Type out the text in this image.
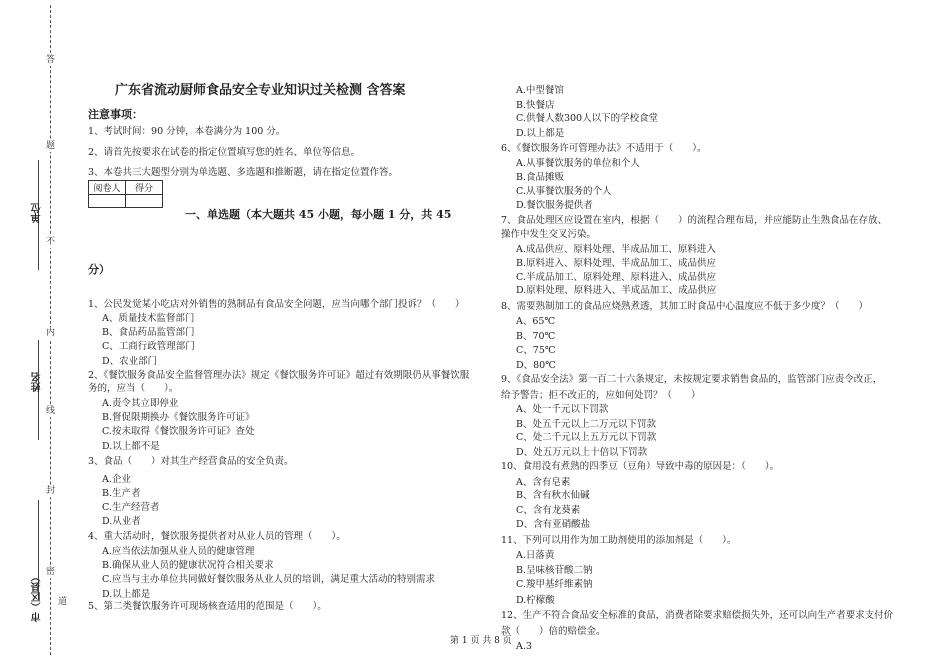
答
题
不
内
线
封
密
单位
姓名
市（区县） 道
广东省流动厨师食品安全专业知识过关检测 含答案
注意事项：
1、考试时间：90 分钟，本卷满分为 100 分。
2、请首先按要求在试卷的指定位置填写您的姓名、单位等信息。
3、本卷共三大题型分别为单选题、多选题和推断题，请在指定位置作答。
阅卷人	得分

一、单选题（本大题共 45 小题，每小题 1 分，共 45
分）
1、公民发觉某小吃店对外销售的熟制品有食品安全问题，应当向哪个部门投诉？（　　）
A、质量技术监督部门
B、食品药品监管部门
C、工商行政管理部门
D、农业部门
2、《餐饮服务食品安全监督管理办法》规定《餐饮服务许可证》超过有效期限仍从事餐饮服务的，应当（　　）。
A.责令其立即停业
B.督促限期换办《餐饮服务许可证》
C.按未取得《餐饮服务许可证》查处
D.以上都不是
3、食品（　　）对其生产经营食品的安全负责。
A.企业
B.生产者
C.生产经营者
D.从业者
4、重大活动时，餐饮服务提供者对从业人员的管理（　　）。
A.应当依法加强从业人员的健康管理
B.确保从业人员的健康状况符合相关要求
C.应当与主办单位共同做好餐饮服务从业人员的培训，满足重大活动的特别需求
D.以上都是
5、第二类餐饮服务许可现场核查适用的范围是（　　）。
A.中型餐馆
B.快餐店
C.供餐人数300人以下的学校食堂
D.以上都是
6、《餐饮服务许可管理办法》不适用于（　　）。
A.从事餐饮服务的单位和个人
B.食品摊贩
C.从事餐饮服务的个人
D.餐饮服务提供者
7、食品处理区应设置在室内，根据（　　）的流程合理布局，并应能防止生熟食品在存放、
操作中发生交叉污染。
A.成品供应、原料处理、半成品加工、原料进入
B.原料进入、原料处理、半成品加工、成品供应
C.半成品加工、原料处理、原料进入、成品供应
D.原料处理、原料进入、半成品加工、成品供应
8、需要熟制加工的食品应烧熟煮透，其加工时食品中心温度应不低于多少度？（　　）
A、65℃
B、70℃
C、75℃
D、80℃
9、《食品安全法》第一百二十六条规定，未按规定要求销售食品的，监管部门应责令改正，
给予警告；拒不改正的，应如何处罚？（　　）
A、处一千元以下罚款
B、处五千元以上二万元以下罚款
C、处二千元以上五万元以下罚款
D、处五万元以上十倍以下罚款
10、食用没有煮熟的四季豆（豆角）导致中毒的原因是：（　　）。
A、含有皂素
B、含有秋水仙碱
C、含有龙葵素
D、含有亚硝酸盐
11、下列可以用作为加工助剂使用的添加剂是（　　）。
A.日落黄
B.呈味核苷酸二钠
C.羧甲基纤维素钠
D.柠檬酸
12、生产不符合食品安全标准的食品，消费者除要求赔偿损失外，还可以向生产者要求支付价
款（　　）倍的赔偿金。
A.3
第 1 页 共 8 页
